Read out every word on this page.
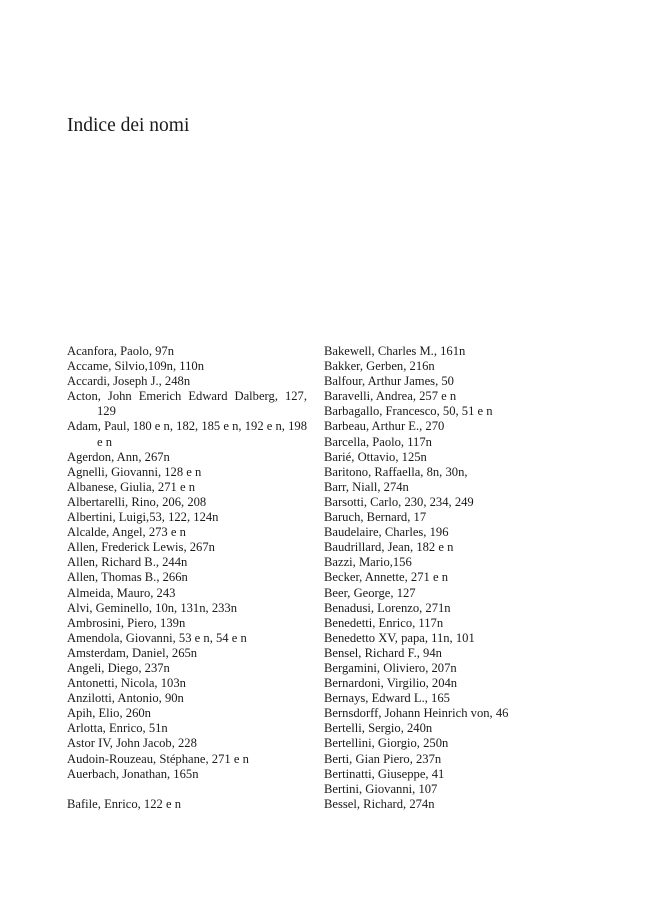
Indice dei nomi
Acanfora, Paolo, 97n
Accame, Silvio,109n, 110n
Accardi, Joseph J., 248n
Acton, John Emerich Edward Dalberg, 127, 129
Adam, Paul, 180 e n, 182, 185 e n, 192 e n, 198 e n
Agerdon, Ann, 267n
Agnelli, Giovanni, 128 e n
Albanese, Giulia, 271 e n
Albertarelli, Rino, 206, 208
Albertini, Luigi,53, 122, 124n
Alcalde, Angel, 273 e n
Allen, Frederick Lewis, 267n
Allen, Richard B., 244n
Allen, Thomas B., 266n
Almeida, Mauro, 243
Alvi, Geminello, 10n, 131n, 233n
Ambrosini, Piero, 139n
Amendola, Giovanni, 53 e n, 54 e n
Amsterdam, Daniel, 265n
Angeli, Diego, 237n
Antonetti, Nicola, 103n
Anzilotti, Antonio, 90n
Apih, Elio, 260n
Arlotta, Enrico, 51n
Astor IV, John Jacob, 228
Audoin-Rouzeau, Stéphane, 271 e n
Auerbach, Jonathan, 165n
Bafile, Enrico, 122 e n
Bakewell, Charles M., 161n
Bakker, Gerben, 216n
Balfour, Arthur James, 50
Baravelli, Andrea, 257 e n
Barbagallo, Francesco, 50, 51 e n
Barbeau, Arthur E., 270
Barcella, Paolo, 117n
Barié, Ottavio, 125n
Baritono, Raffaella, 8n, 30n,
Barr, Niall, 274n
Barsotti, Carlo, 230, 234, 249
Baruch, Bernard, 17
Baudelaire, Charles, 196
Baudrillard, Jean, 182 e n
Bazzi, Mario,156
Becker, Annette, 271 e n
Beer, George, 127
Benadusi, Lorenzo, 271n
Benedetti, Enrico, 117n
Benedetto XV, papa, 11n, 101
Bensel, Richard F., 94n
Bergamini, Oliviero, 207n
Bernardoni, Virgilio, 204n
Bernays, Edward L., 165
Bernsdorff, Johann Heinrich von, 46
Bertelli, Sergio, 240n
Bertellini, Giorgio, 250n
Berti, Gian Piero, 237n
Bertinatti, Giuseppe, 41
Bertini, Giovanni, 107
Bessel, Richard, 274n
